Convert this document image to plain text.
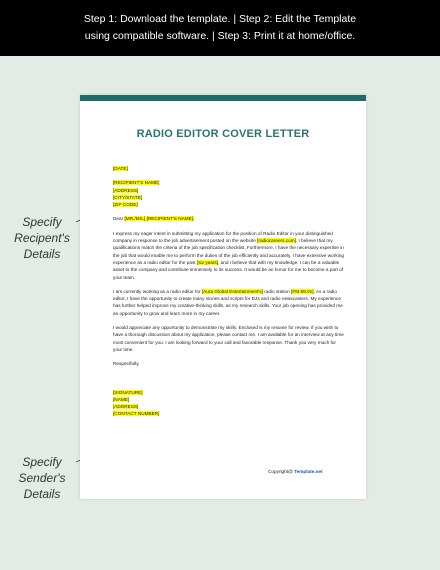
Step 1: Download the template. | Step 2: Edit the Template
using compatible software. | Step 3: Print it at home/office.
Specify
Recipent's
Details
Specify
Sender's
Details
RADIO EDITOR COVER LETTER
[DATE]
[RECIPIENT'S NAME]
[ADDRESS]
[CITY/STATE]
[ZIP CODE]
Dear [MR./MS.] [RECIPIENT'S NAME],
I express my eager intent in submitting my application for the position of Radio Editor in your distinguished company in response to the job advertisement posted on the website [radiocareers.com]. I believe that my qualifications match the criteria of the job specification checklist. Furthermore, I have the necessary expertise in the job that would enable me to perform the duties of the job efficiently and accurately. I have extensive working experience as a radio editor for the past [six years], and I believe that with my knowledge, I can be a valuable asset to the company and contribute immensely to its success. It would be an honor for me to become a part of your team.
I am currently working as a radio editor for [Aura Global Entertainment's] radio station [FM 89.01]. As a radio editor, I have the opportunity to create many stories and scripts for DJs and radio newscasters. My experience has further helped improve my creative-thinking skills, as my research skills. Your job opening has provided me an opportunity to grow and learn more in my career.
I would appreciate any opportunity to demonstrate my skills. Enclosed is my resume for review. If you wish to have a thorough discussion about my application, please contact me. I am available for an interview at any time most convenient for you. I am looking forward to your call and favorable response. Thank you very much for your time.
Respectfully,
[SIGNATURE]
[NAME]
[ADDRESS]
[CONTACT NUMBER]
Copyright@ Template.net
